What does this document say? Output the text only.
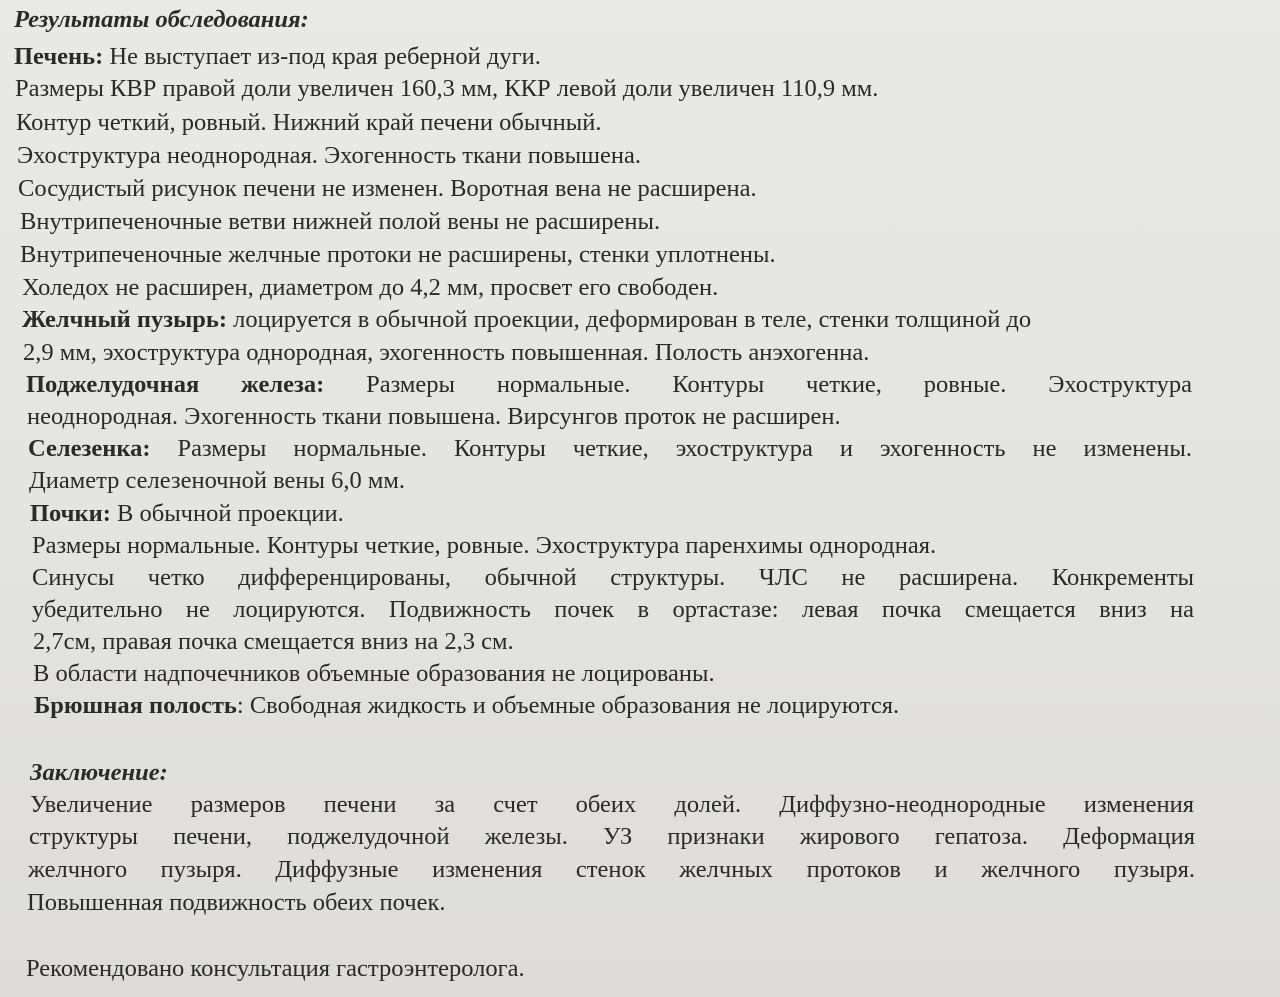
Результаты обследования:
Печень: Не выступает из-под края реберной дуги.
Размеры КВР правой доли увеличен 160,3 мм, ККР левой доли увеличен 110,9 мм.
Контур четкий, ровный. Нижний край печени обычный.
Эхоструктура неоднородная. Эхогенность ткани повышена.
Сосудистый рисунок печени не изменен. Воротная вена не расширена.
Внутрипеченочные ветви нижней полой вены не расширены.
Внутрипеченочные желчные протоки не расширены, стенки уплотнены.
Холедох не расширен, диаметром до 4,2 мм, просвет его свободен.
Желчный пузырь: лоцируется в обычной проекции, деформирован в теле, стенки толщиной до
2,9 мм, эхоструктура однородная, эхогенность повышенная. Полость анэхогенна.
Поджелудочная железа: Размеры нормальные. Контуры четкие, ровные. Эхоструктура
неоднородная. Эхогенность ткани повышена. Вирсунгов проток не расширен.
Селезенка: Размеры нормальные. Контуры четкие, эхоструктура и эхогенность не изменены.
Диаметр селезеночной вены 6,0 мм.
Почки: В обычной проекции.
Размеры нормальные. Контуры четкие, ровные. Эхоструктура паренхимы однородная.
Синусы четко дифференцированы, обычной структуры. ЧЛС не расширена. Конкременты
убедительно не лоцируются. Подвижность почек в ортастазе: левая почка смещается вниз на
2,7см, правая почка смещается вниз на 2,3 см.
В области надпочечников объемные образования не лоцированы.
Брюшная полость: Свободная жидкость и объемные образования не лоцируются.
Заключение:
Увеличение размеров печени за счет обеих долей. Диффузно-неоднородные изменения
структуры печени, поджелудочной железы. УЗ признаки жирового гепатоза. Деформация
желчного пузыря. Диффузные изменения стенок желчных протоков и желчного пузыря.
Повышенная подвижность обеих почек.
Рекомендовано консультация гастроэнтеролога.
